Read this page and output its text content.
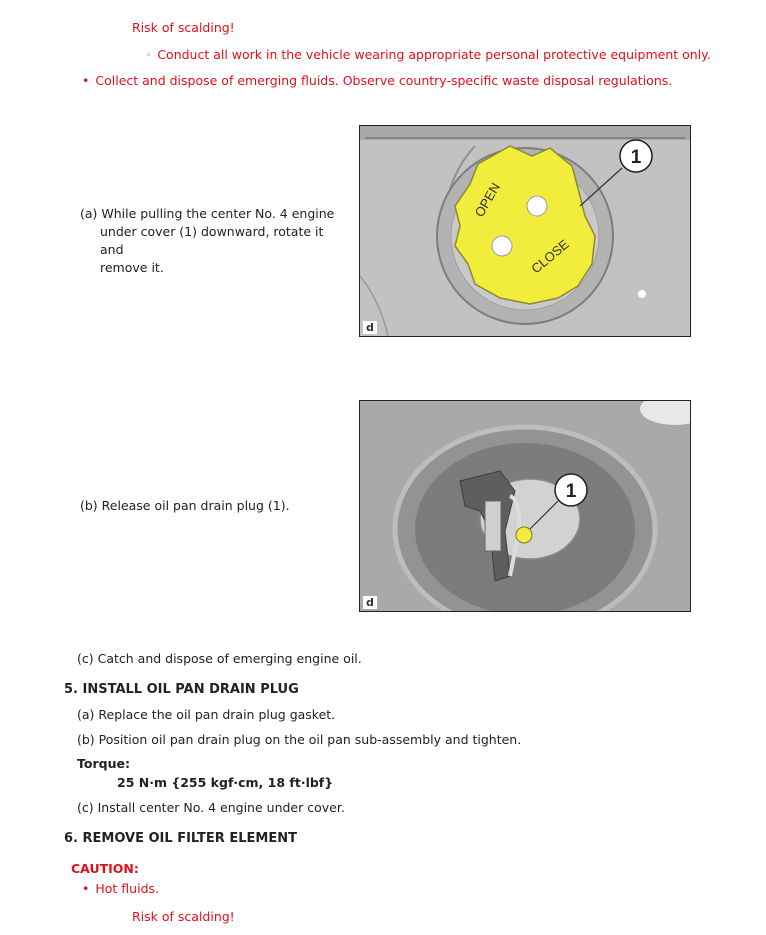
Risk of scalding!
◦ Conduct all work in the vehicle wearing appropriate personal protective equipment only.
• Collect and dispose of emerging fluids. Observe country-specific waste disposal regulations.
(a) While pulling the center No. 4 engine
under cover (1) downward, rotate it and
remove it.
OPEN
CLOSE
1
d
(b) Release oil pan drain plug (1).
1
d
(c) Catch and dispose of emerging engine oil.
5. INSTALL OIL PAN DRAIN PLUG
(a) Replace the oil pan drain plug gasket.
(b) Position oil pan drain plug on the oil pan sub-assembly and tighten.
Torque:
25 N·m {255 kgf·cm, 18 ft·lbf}
(c) Install center No. 4 engine under cover.
6. REMOVE OIL FILTER ELEMENT
CAUTION:
• Hot fluids.
Risk of scalding!
